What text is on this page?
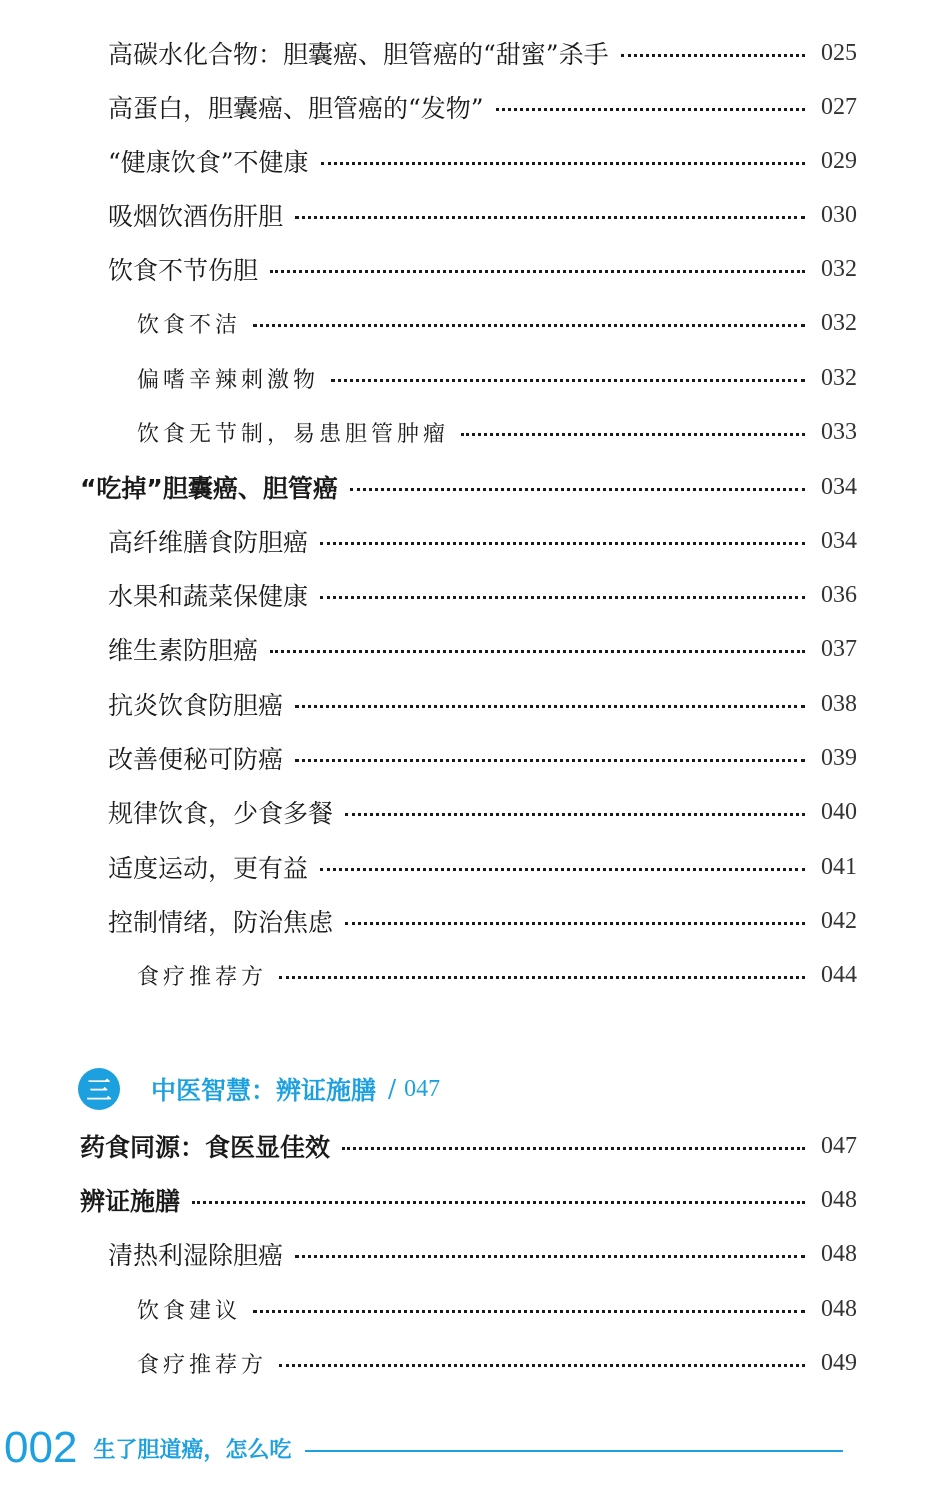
高碳水化合物：胆囊癌、胆管癌的“甜蜜”杀手	025
高蛋白，胆囊癌、胆管癌的“发物”	027
“健康饮食”不健康	029
吸烟饮酒伤肝胆	030
饮食不节伤胆	032
饮食不洁	032
偏嗜辛辣刺激物	032
饮食无节制，易患胆管肿瘤	033
“吃掉”胆囊癌、胆管癌	034
高纤维膳食防胆癌	034
水果和蔬菜保健康	036
维生素防胆癌	037
抗炎饮食防胆癌	038
改善便秘可防癌	039
规律饮食，少食多餐	040
适度运动，更有益	041
控制情绪，防治焦虑	042
食疗推荐方	044
三	中医智慧：辨证施膳 / 047
药食同源：食医显佳效	047
辨证施膳	048
清热利湿除胆癌	048
饮食建议	048
食疗推荐方	049
002 生了胆道癌，怎么吃
